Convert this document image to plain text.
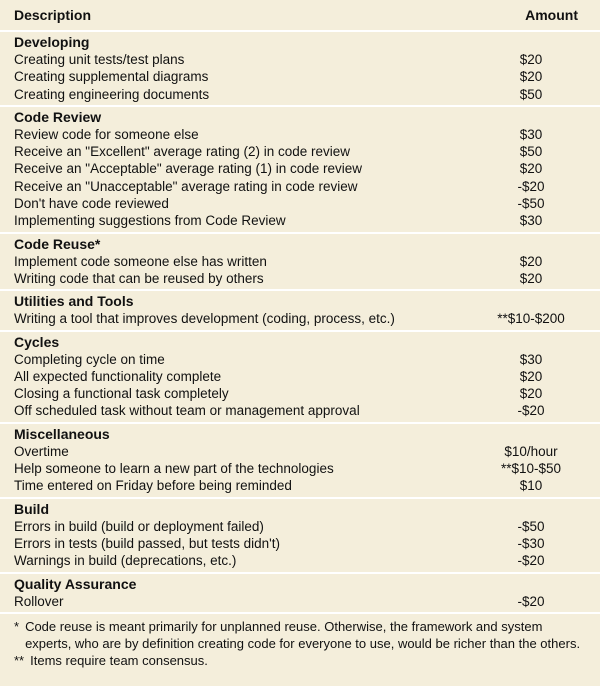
Description	Amount
Developing
Creating unit tests/test plans	$20
Creating supplemental diagrams	$20
Creating engineering documents	$50
Code Review
Review code for someone else	$30
Receive an "Excellent" average rating (2) in code review	$50
Receive an "Acceptable" average rating (1) in code review	$20
Receive an "Unacceptable" average rating in code review	-$20
Don't have code reviewed	-$50
Implementing suggestions from Code Review	$30
Code Reuse*
Implement code someone else has written	$20
Writing code that can be reused by others	$20
Utilities and Tools
Writing a tool that improves development (coding, process, etc.)	**$10-$200
Cycles
Completing cycle on time	$30
All expected functionality complete	$20
Closing a functional task completely	$20
Off scheduled task without team or management approval	-$20
Miscellaneous
Overtime	$10/hour
Help someone to learn a new part of the technologies	**$10-$50
Time entered on Friday before being reminded	$10
Build
Errors in build (build or deployment failed)	-$50
Errors in tests (build passed, but tests didn't)	-$30
Warnings in build (deprecations, etc.)	-$20
Quality Assurance
Rollover	-$20
* Code reuse is meant primarily for unplanned reuse. Otherwise, the framework and system experts, who are by definition creating code for everyone to use, would be richer than the others.
** Items require team consensus.
